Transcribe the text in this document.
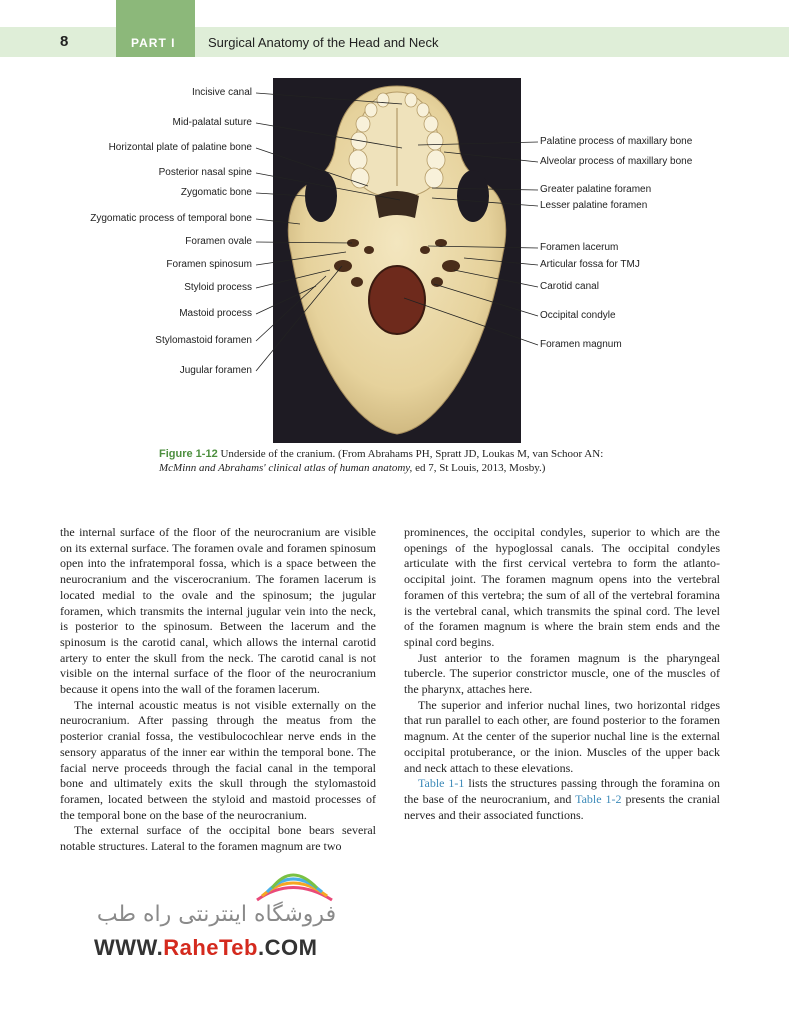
8	PART I	Surgical Anatomy of the Head and Neck
Incisive canal
Mid-palatal suture
Horizontal plate of palatine bone
Posterior nasal spine
Zygomatic bone
Zygomatic process of temporal bone
Foramen ovale
Foramen spinosum
Styloid process
Mastoid process
Stylomastoid foramen
Jugular foramen
Palatine process of maxillary bone
Alveolar process of maxillary bone
Greater palatine foramen
Lesser palatine foramen
Foramen lacerum
Articular fossa for TMJ
Carotid canal
Occipital condyle
Foramen magnum
Figure 1-12 Underside of the cranium. (From Abrahams PH, Spratt JD, Loukas M, van Schoor AN: McMinn and Abrahams' clinical atlas of human anatomy, ed 7, St Louis, 2013, Mosby.)

the internal surface of the floor of the neurocranium are visible on its external surface. The foramen ovale and foramen spinosum open into the infratemporal fossa, which is a space between the neurocranium and the viscerocranium. The foramen lacerum is located medial to the ovale and the spinosum; the jugular foramen, which transmits the internal jugular vein into the neck, is posterior to the spinosum. Between the lacerum and the spinosum is the carotid canal, which allows the internal carotid artery to enter the skull from the neck. The carotid canal is not visible on the internal surface of the floor of the neurocranium because it opens into the wall of the foramen lacerum.

The internal acoustic meatus is not visible externally on the neurocranium. After passing through the meatus from the posterior cranial fossa, the vestibulocochlear nerve ends in the sensory apparatus of the inner ear within the temporal bone. The facial nerve proceeds through the facial canal in the temporal bone and ultimately exits the skull through the stylomastoid foramen, located between the styloid and mastoid processes of the temporal bone on the base of the neurocranium.

The external surface of the occipital bone bears several notable structures. Lateral to the foramen magnum are two

prominences, the occipital condyles, superior to which are the openings of the hypoglossal canals. The occipital condyles articulate with the first cervical vertebra to form the atlanto-occipital joint. The foramen magnum opens into the vertebral foramen of this vertebra; the sum of all of the vertebral foramina is the vertebral canal, which transmits the spinal cord. The level of the foramen magnum is where the brain stem ends and the spinal cord begins.

Just anterior to the foramen magnum is the pharyngeal tubercle. The superior constrictor muscle, one of the muscles of the pharynx, attaches here.

The superior and inferior nuchal lines, two horizontal ridges that run parallel to each other, are found posterior to the foramen magnum. At the center of the superior nuchal line is the external occipital protuberance, or the inion. Muscles of the upper back and neck attach to these elevations.

Table 1-1 lists the structures passing through the foramina on the base of the neurocranium, and Table 1-2 presents the cranial nerves and their associated functions.

فروشگاه اینترنتی راه طب
WWW.RaheTeb.COM
